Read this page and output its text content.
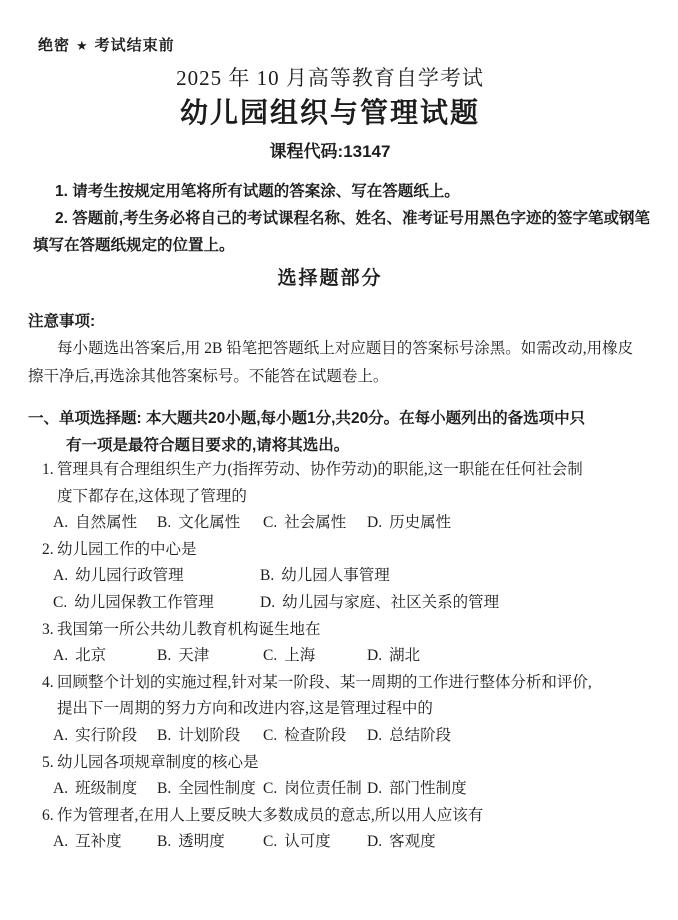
绝密 ★ 考试结束前
2025 年 10 月高等教育自学考试
幼儿园组织与管理试题
课程代码:13147
1. 请考生按规定用笔将所有试题的答案涂、写在答题纸上。
2. 答题前,考生务必将自己的考试课程名称、姓名、准考证号用黑色字迹的签字笔或钢笔
填写在答题纸规定的位置上。
选择题部分
注意事项:
每小题选出答案后,用 2B 铅笔把答题纸上对应题目的答案标号涂黑。如需改动,用橡皮
擦干净后,再选涂其他答案标号。不能答在试题卷上。
一、单项选择题: 本大题共20小题,每小题1分,共20分。在每小题列出的备选项中只
有一项是最符合题目要求的,请将其选出。
1. 管理具有合理组织生产力(指挥劳动、协作劳动)的职能,这一职能在任何社会制
度下都存在,这体现了管理的
A. 自然属性	B. 文化属性	C. 社会属性	D. 历史属性
2. 幼儿园工作的中心是
A. 幼儿园行政管理	B. 幼儿园人事管理
C. 幼儿园保教工作管理	D. 幼儿园与家庭、社区关系的管理
3. 我国第一所公共幼儿教育机构诞生地在
A. 北京	B. 天津	C. 上海	D. 湖北
4. 回顾整个计划的实施过程,针对某一阶段、某一周期的工作进行整体分析和评价,
提出下一周期的努力方向和改进内容,这是管理过程中的
A. 实行阶段	B. 计划阶段	C. 检查阶段	D. 总结阶段
5. 幼儿园各项规章制度的核心是
A. 班级制度	B. 全园性制度 C. 岗位责任制 D. 部门性制度
6. 作为管理者,在用人上要反映大多数成员的意志,所以用人应该有
A. 互补度	B. 透明度	C. 认可度	D. 客观度
